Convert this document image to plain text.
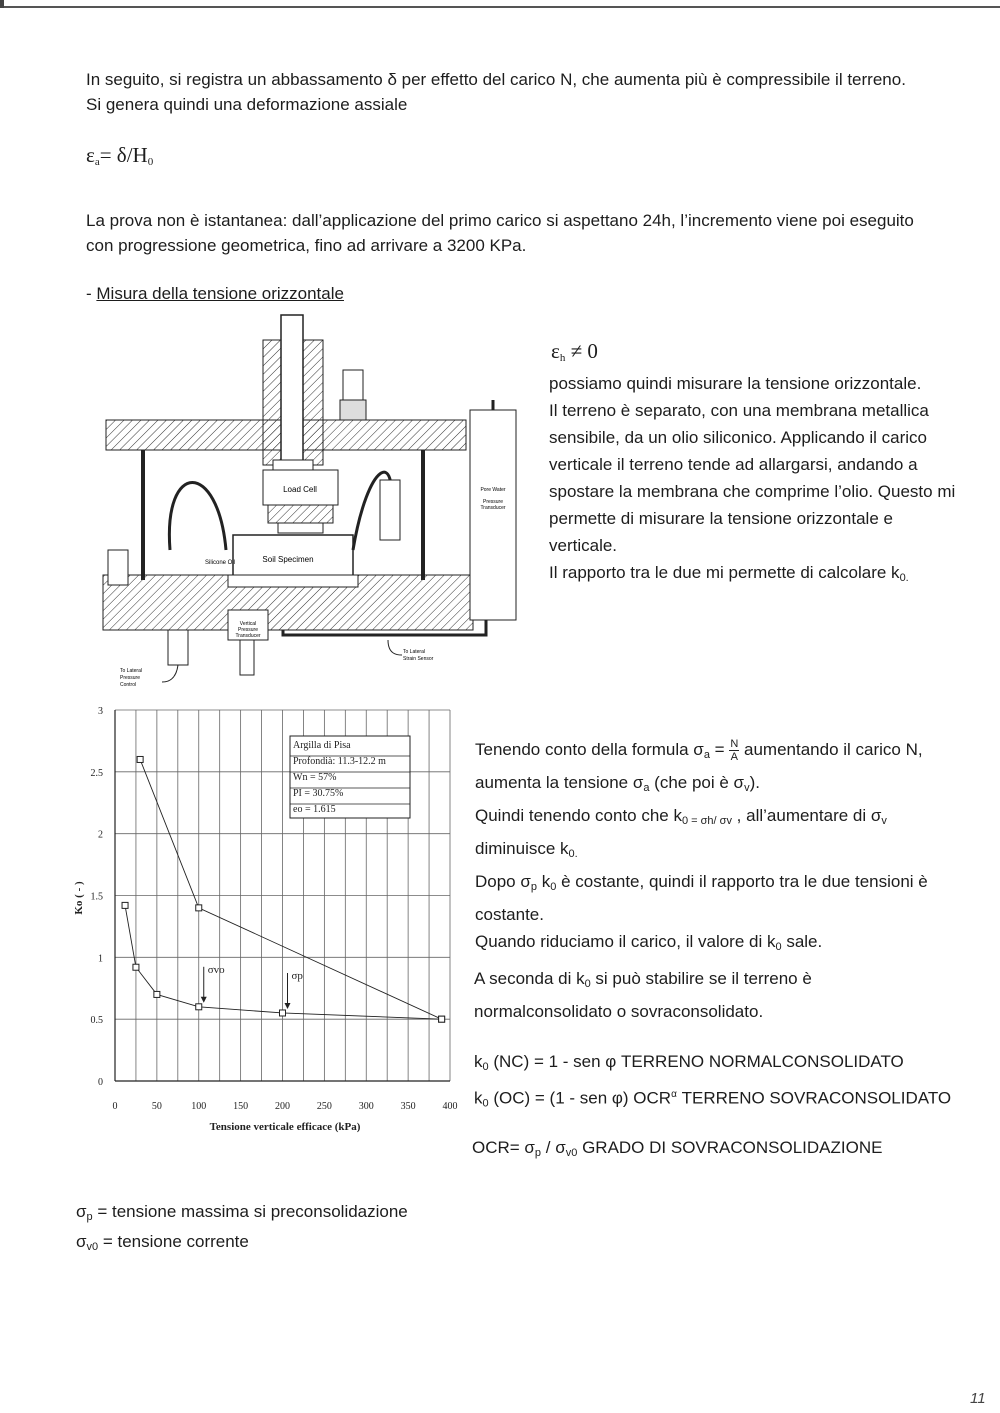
In seguito, si registra un abbassamento δ per effetto del carico N, che aumenta più è compressibile il terreno.
Si genera quindi una deformazione assiale
$\varepsilon_a= \delta/H_0$
La prova non è istantanea: dall’applicazione del primo carico si aspettano 24h, l’incremento viene poi eseguito
con progressione geometrica, fino ad arrivare a 3200 KPa.
- Misura della tensione orizzontale
Load Cell
Soil Specimen
Silicone Oil
Vertical
Pressure
Transducer
Pore Water
Pressure
Transducer
To Lateral
Strain Sensor
To Lateral
Pressure
Control
$\varepsilon_h \ne 0$
possiamo quindi misurare la tensione orizzontale.
Il terreno è separato, con una membrana metallica
sensibile, da un olio siliconico. Applicando il carico
verticale il terreno tende ad allargarsi, andando a
spostare la membrana che comprime l’olio. Questo mi
permette di misurare la tensione orizzontale e
verticale.
Il rapporto tra le due mi permette di calcolare $k_{0.}$
0	50	100	150	200	250	300	350	400
0
0.5
1
1.5
2
2.5
3
σvo
σp
Argilla di Pisa
Profondià: 11.3-12.2 m
Wn = 57%
PI = 30.75%
eo = 1.615
Tensione verticale efficace (kPa)
Ko ( - )
Tenendo conto della formula $\sigma_a = \frac{N}{A}$ aumentando il carico N,
aumenta la tensione $\sigma_a$ (che poi è $\sigma_v$).
Quindi tenendo conto che $k_{0 = \sigma h/ \sigma v}$ , all’aumentare di $\sigma_v$
diminuisce $k_{0.}$
Dopo $\sigma_p$ $k_0$ è costante, quindi il rapporto tra le due tensioni è
costante.
Quando riduciamo il carico, il valore di $k_0$ sale.
A seconda di $k_0$ si può stabilire se il terreno è
normalconsolidato o sovraconsolidato.
$k_0$ (NC) = 1 - sen φ TERRENO NORMALCONSOLIDATO
$k_0$ (OC) = (1 - sen φ) $OCR^\alpha$ TERRENO SOVRACONSOLIDATO
$OCR= \sigma_p / \sigma_{v0}$ GRADO DI SOVRACONSOLIDAZIONE
$\sigma_p$ = tensione massima si preconsolidazione
$\sigma_{v0}$ = tensione corrente
11
